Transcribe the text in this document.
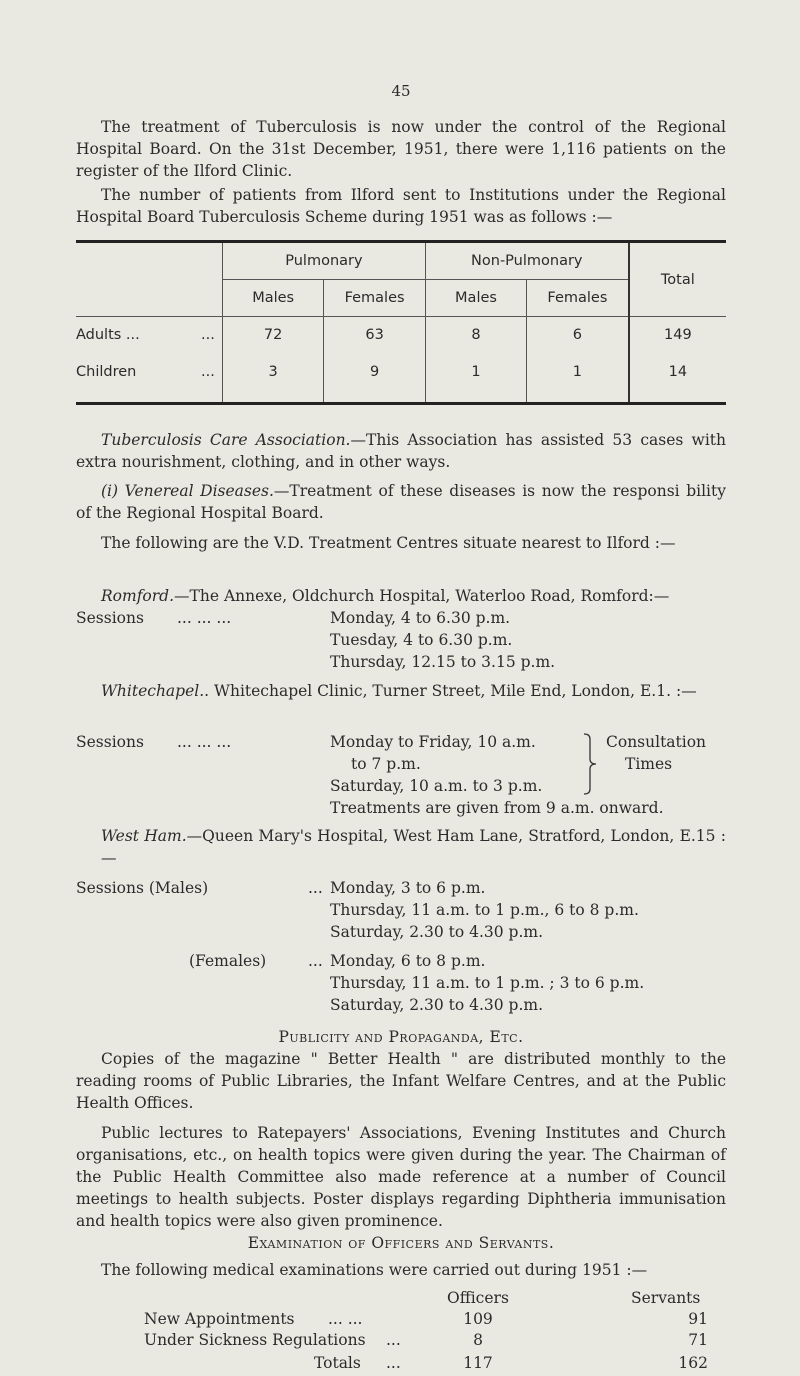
45

The treatment of Tuberculosis is now under the control of the Regional Hospital Board. On the 31st December, 1951, there were 1,116 patients on the register of the Ilford Clinic.

The number of patients from Ilford sent to Institutions under the Regional Hospital Board Tuberculosis Scheme during 1951 was as follows :—

	Pulmonary		Non-Pulmonary		Total
	Males	Females	Males	Females	
Adults ... ...	72	63	8	6	149
Children ...	3	9	1	1	14

Tuberculosis Care Association.—This Association has assisted 53 cases with extra nourishment, clothing, and in other ways.

(i) Venereal Diseases.—Treatment of these diseases is now the responsi bility of the Regional Hospital Board.

The following are the V.D. Treatment Centres situate nearest to Ilford :—

Romford.—The Annexe, Oldchurch Hospital, Waterloo Road, Romford:—

Sessions ... ... ...	Monday, 4 to 6.30 p.m.
Tuesday, 4 to 6.30 p.m.
Thursday, 12.15 to 3.15 p.m.

Whitechapel.. Whitechapel Clinic, Turner Street, Mile End, London, E.1. :—

Sessions ... ... ...	Monday to Friday, 10 a.m.
to 7 p.m.
Saturday, 10 a.m. to 3 p.m.
Consultation
Times
Treatments are given from 9 a.m. onward.

West Ham.—Queen Mary's Hospital, West Ham Lane, Stratford, London, E.15 :—

Sessions (Males)	... Monday, 3 to 6 p.m.
Thursday, 11 a.m. to 1 p.m., 6 to 8 p.m.
Saturday, 2.30 to 4.30 p.m.
(Females)	... Monday, 6 to 8 p.m.
Thursday, 11 a.m. to 1 p.m. ; 3 to 6 p.m.
Saturday, 2.30 to 4.30 p.m.
Publicity and Propaganda, Etc.

Copies of the magazine " Better Health " are distributed monthly to the reading rooms of Public Libraries, the Infant Welfare Centres, and at the Public Health Offices.

Public lectures to Ratepayers' Associations, Evening Institutes and Church organisations, etc., on health topics were given during the year. The Chairman of the Public Health Committee also made reference at a number of Council meetings to health subjects. Poster displays regarding Diphtheria immunisation and health topics were also given prominence.

Examination of Officers and Servants.

The following medical examinations were carried out during 1951 :—

Officers	Servants
New Appointments ... ...	109	91
Under Sickness Regulations ...	8	71
Totals ...	117	162
